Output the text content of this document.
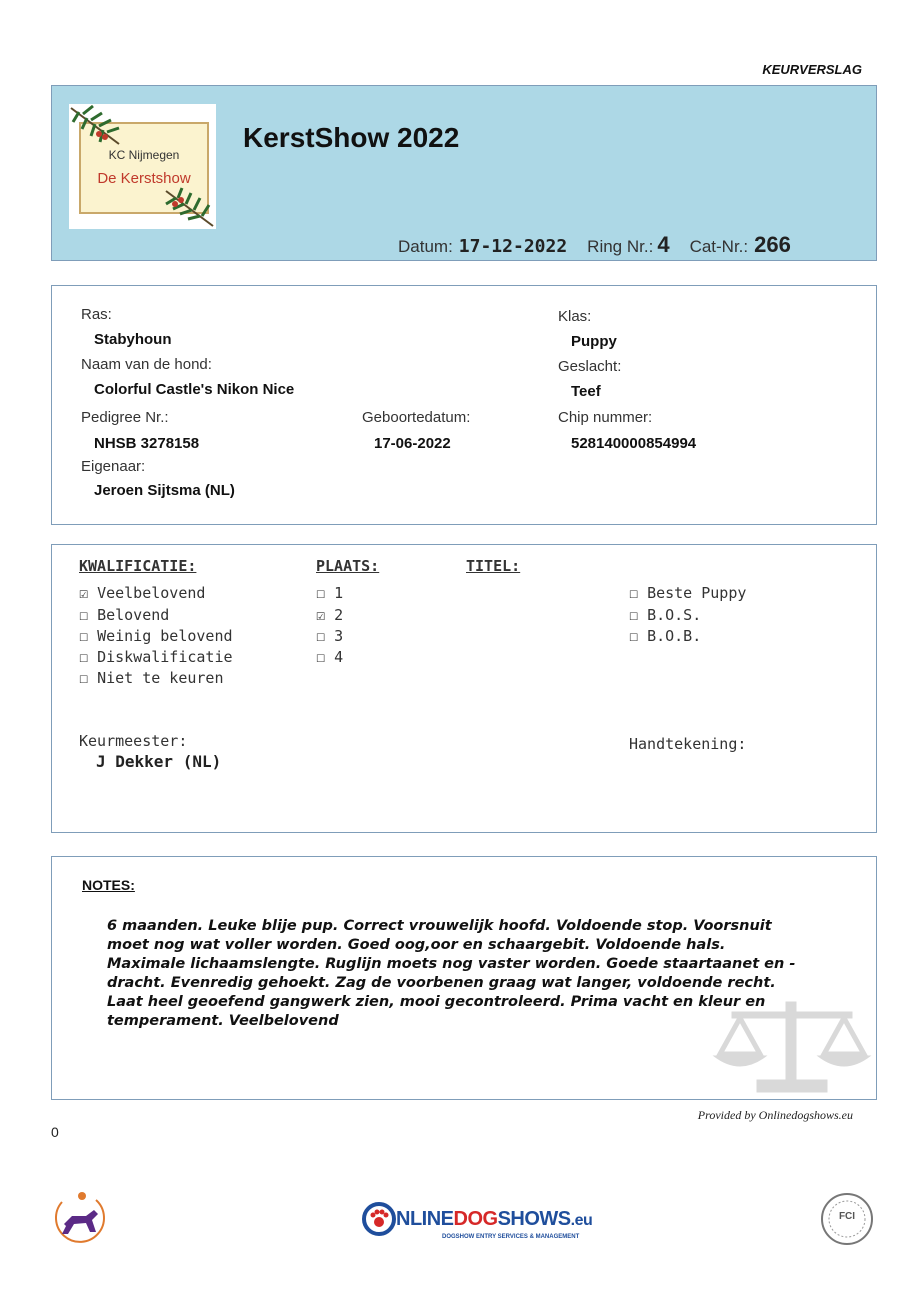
KEURVERSLAG
KC Nijmegen
De Kerstshow
KerstShow 2022
Datum: 17-12-2022 Ring Nr.: 4 Cat-Nr.: 266
Ras:
Stabyhoun
Naam van de hond:
Colorful Castle's Nikon Nice
Pedigree Nr.:
NHSB 3278158
Eigenaar:
Jeroen Sijtsma (NL)
Geboortedatum:
17-06-2022
Klas:
Puppy
Geslacht:
Teef
Chip nummer:
528140000854994
KWALIFICATIE:	PLAATS:	TITEL:
☑ Veelbelovend
☐ Belovend
☐ Weinig belovend
☐ Diskwalificatie
☐ Niet te keuren
☐ 1
☑ 2
☐ 3
☐ 4
☐ Beste Puppy
☐ B.O.S.
☐ B.O.B.
Keurmeester:
J Dekker (NL)
Handtekening:
NOTES:
6 maanden. Leuke blije pup. Correct vrouwelijk hoofd. Voldoende stop. Voorsnuit
moet nog wat voller worden. Goed oog,oor en schaargebit. Voldoende hals.
Maximale lichaamslengte. Ruglijn moets nog vaster worden. Goede staartaanet en -
dracht. Evenredig gehoekt. Zag de voorbenen graag wat langer, voldoende recht.
Laat heel geoefend gangwerk zien, mooi gecontroleerd. Prima vacht en kleur en
temperament. Veelbelovend
Provided by Onlinedogshows.eu
0
NLINEDOGSHOWS.eu
DOGSHOW ENTRY SERVICES & MANAGEMENT
FCI
